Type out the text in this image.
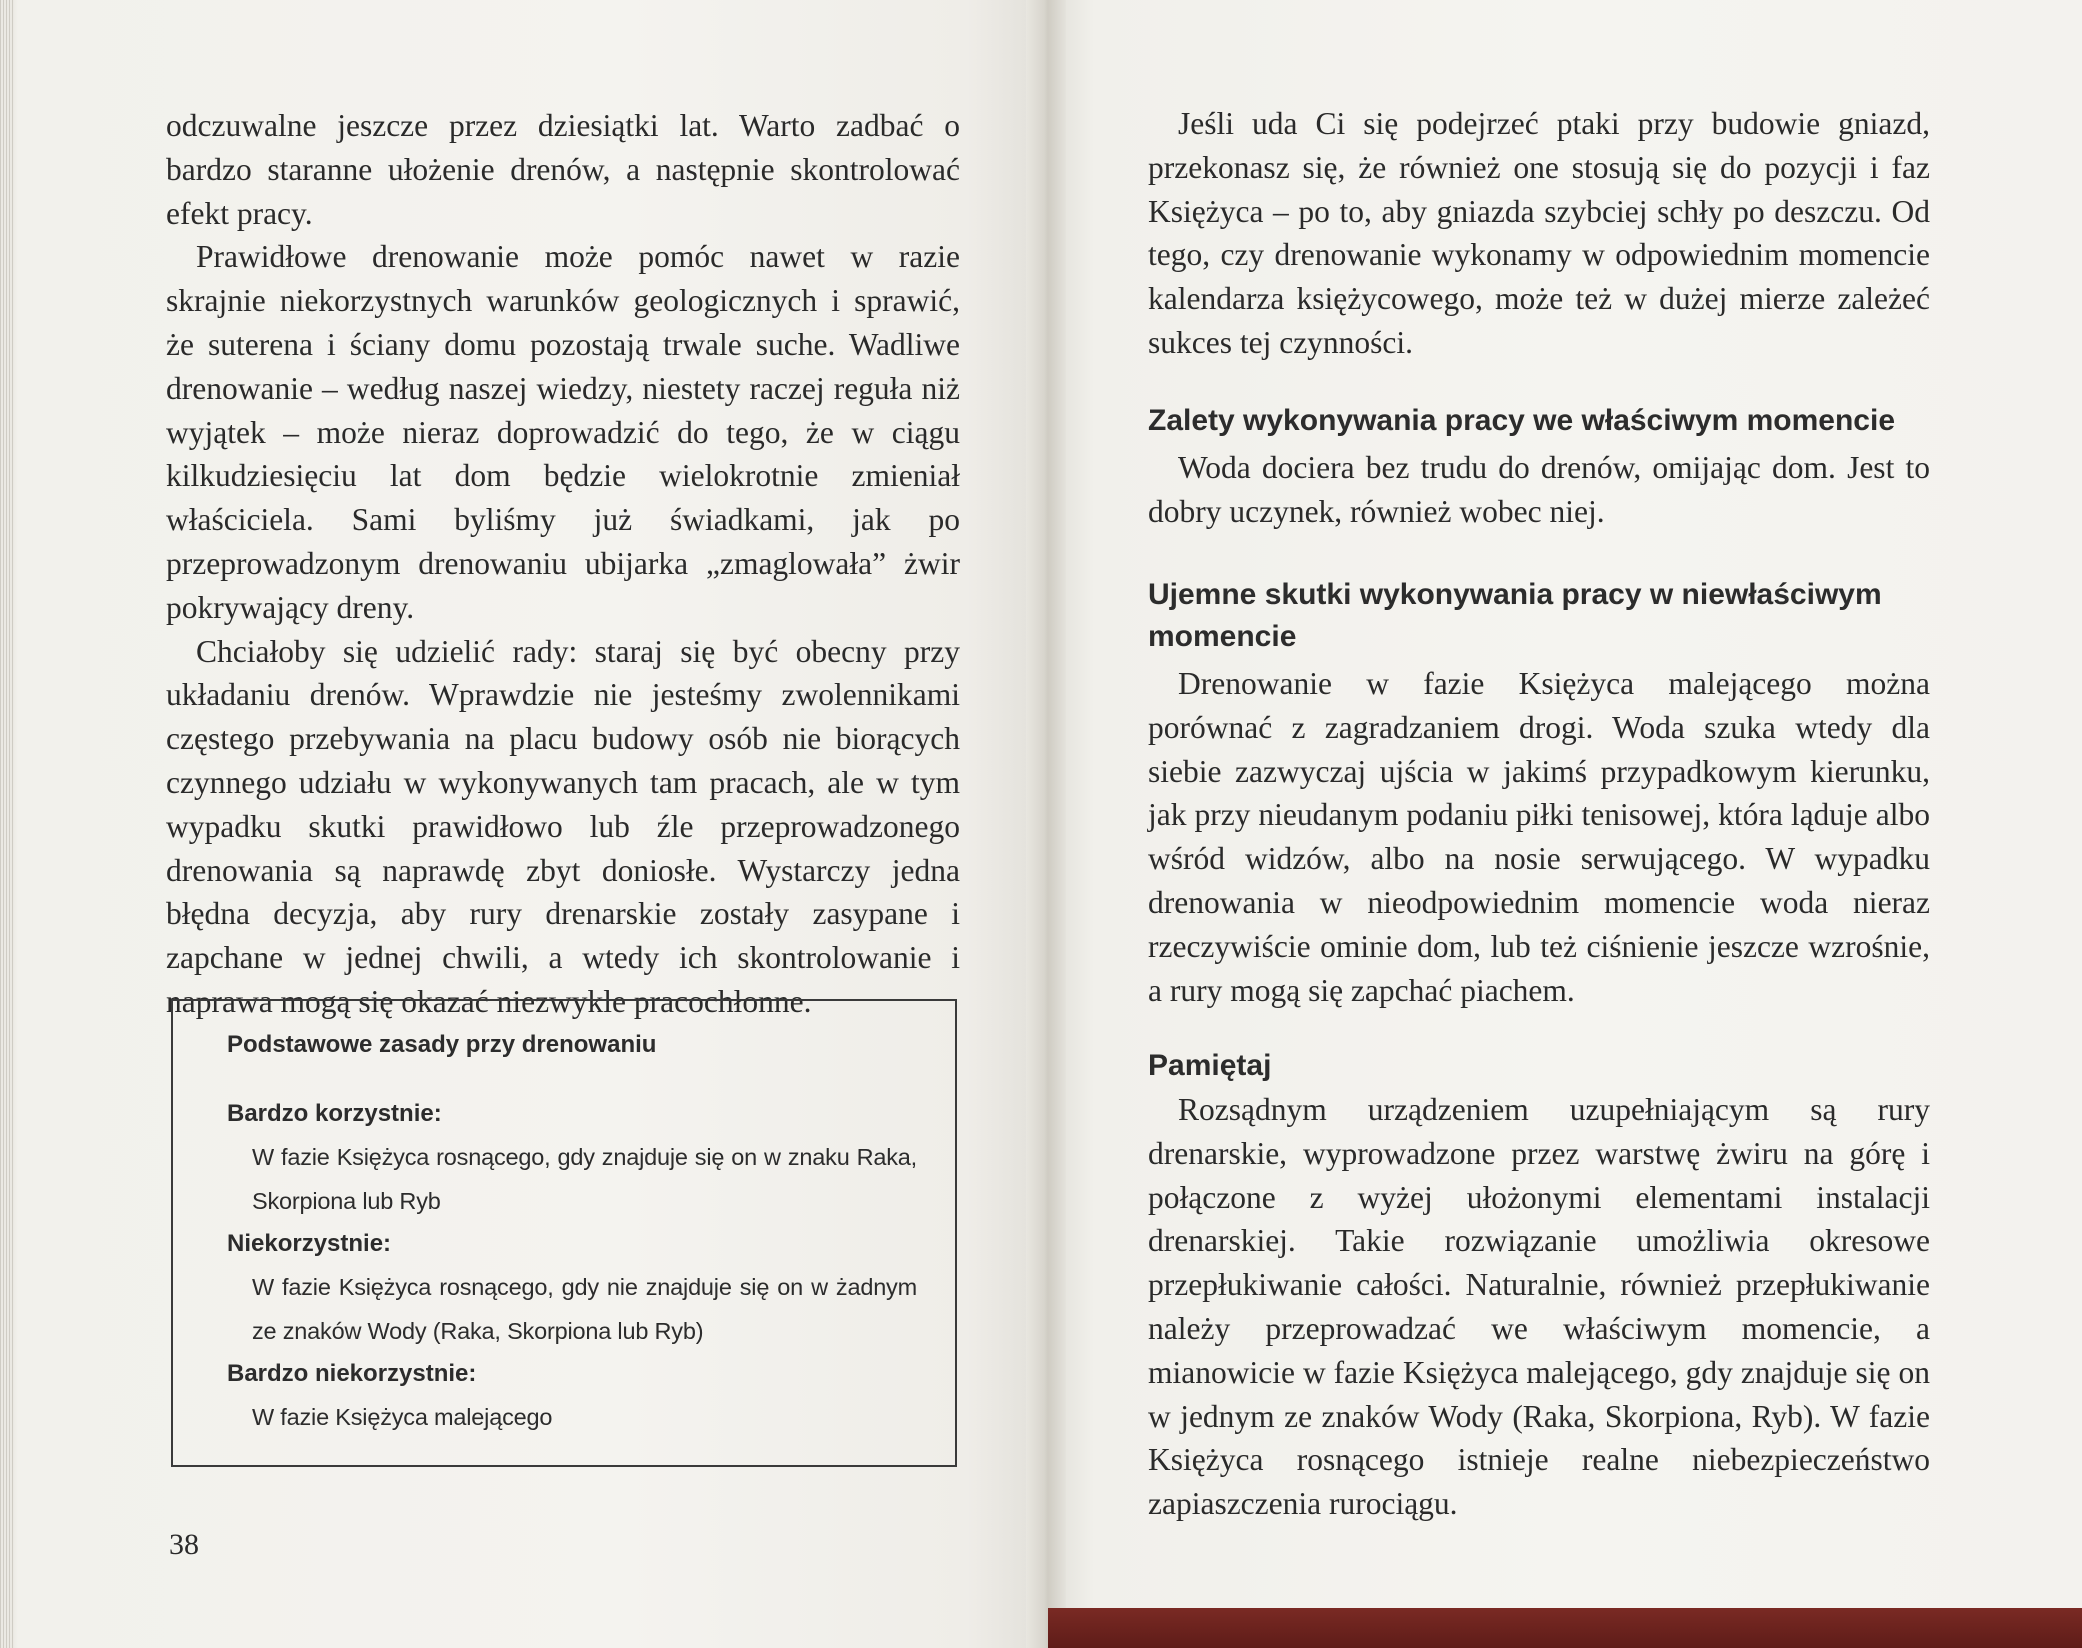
odczuwalne jeszcze przez dziesiątki lat. Warto zadbać o bardzo staranne ułożenie drenów, a następnie skontrolować efekt pracy.

Prawidłowe drenowanie może pomóc nawet w razie skrajnie niekorzystnych warunków geologicznych i sprawić, że suterena i ściany domu pozostają trwale suche. Wadliwe drenowanie – według naszej wiedzy, niestety raczej reguła niż wyjątek – może nieraz doprowadzić do tego, że w ciągu kilkudziesięciu lat dom będzie wielokrotnie zmieniał właściciela. Sami byliśmy już świadkami, jak po przeprowadzonym drenowaniu ubijarka „zmaglowała” żwir pokrywający dreny.

Chciałoby się udzielić rady: staraj się być obecny przy układaniu drenów. Wprawdzie nie jesteśmy zwolennikami częstego przebywania na placu budowy osób nie biorących czynnego udziału w wykonywanych tam pracach, ale w tym wypadku skutki prawidłowo lub źle przeprowadzonego drenowania są naprawdę zbyt doniosłe. Wystarczy jedna błędna decyzja, aby rury drenarskie zostały zasypane i zapchane w jednej chwili, a wtedy ich skontrolowanie i naprawa mogą się okazać niezwykle pracochłonne.

Podstawowe zasady przy drenowaniu

Bardzo korzystnie:

W fazie Księżyca rosnącego, gdy znajduje się on w znaku Raka, Skorpiona lub Ryb

Niekorzystnie:

W fazie Księżyca rosnącego, gdy nie znajduje się on w żadnym ze znaków Wody (Raka, Skorpiona lub Ryb)

Bardzo niekorzystnie:

W fazie Księżyca malejącego

38

Jeśli uda Ci się podejrzeć ptaki przy budowie gniazd, przekonasz się, że również one stosują się do pozycji i faz Księżyca – po to, aby gniazda szybciej schły po deszczu. Od tego, czy drenowanie wykonamy w odpowiednim momencie kalendarza księżycowego, może też w dużej mierze zależeć sukces tej czynności.

Zalety wykonywania pracy we właściwym momencie

Woda dociera bez trudu do drenów, omijając dom. Jest to dobry uczynek, również wobec niej.

Ujemne skutki wykonywania pracy w niewłaściwym momencie

Drenowanie w fazie Księżyca malejącego można porównać z zagradzaniem drogi. Woda szuka wtedy dla siebie zazwyczaj ujścia w jakimś przypadkowym kierunku, jak przy nieudanym podaniu piłki tenisowej, która ląduje albo wśród widzów, albo na nosie serwującego. W wypadku drenowania w nieodpowiednim momencie woda nieraz rzeczywiście ominie dom, lub też ciśnienie jeszcze wzrośnie, a rury mogą się zapchać piachem.

Pamiętaj

Rozsądnym urządzeniem uzupełniającym są rury drenarskie, wyprowadzone przez warstwę żwiru na górę i połączone z wyżej ułożonymi elementami instalacji drenarskiej. Takie rozwiązanie umożliwia okresowe przepłukiwanie całości. Naturalnie, również przepłukiwanie należy przeprowadzać we właściwym momencie, a mianowicie w fazie Księżyca malejącego, gdy znajduje się on w jednym ze znaków Wody (Raka, Skorpiona, Ryb). W fazie Księżyca rosnącego istnieje realne niebezpieczeństwo zapiaszczenia rurociągu.
